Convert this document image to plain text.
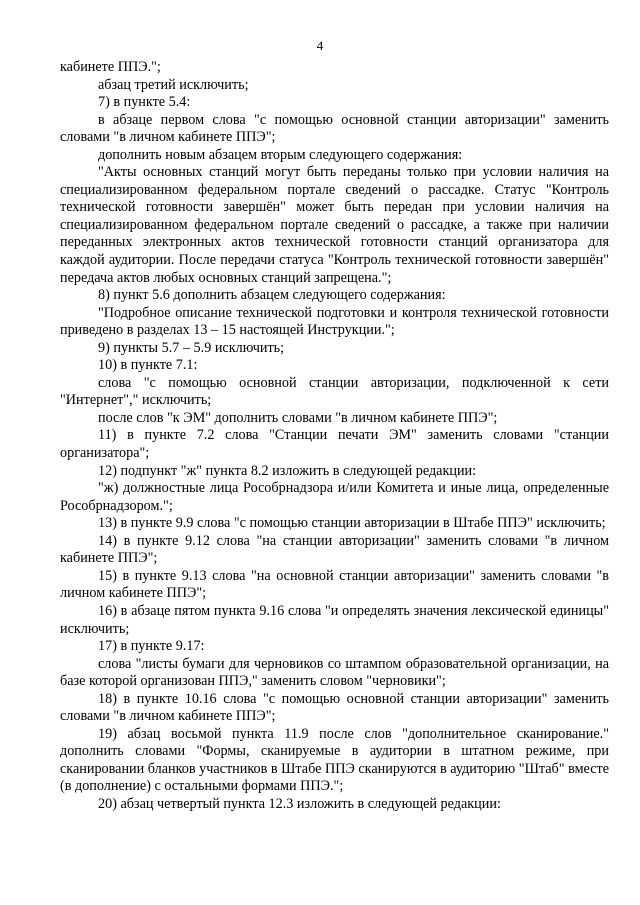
4

кабинете ППЭ.";

абзац третий исключить;

7) в пункте 5.4:

в абзаце первом слова "с помощью основной станции авторизации" заменить словами "в личном кабинете ППЭ";

дополнить новым абзацем вторым следующего содержания:

"Акты основных станций могут быть переданы только при условии наличия на специализированном федеральном портале сведений о рассадке. Статус "Контроль технической готовности завершён" может быть передан при условии наличия на специализированном федеральном портале сведений о рассадке, а также при наличии переданных электронных актов технической готовности станций организатора для каждой аудитории. После передачи статуса "Контроль технической готовности завершён" передача актов любых основных станций запрещена.";

8) пункт 5.6 дополнить абзацем следующего содержания:

"Подробное описание технической подготовки и контроля технической готовности приведено в разделах 13 – 15 настоящей Инструкции.";

9) пункты 5.7 – 5.9 исключить;

10) в пункте 7.1:

слова "с помощью основной станции авторизации, подключенной к сети "Интернет"," исключить;

после слов "к ЭМ" дополнить словами "в личном кабинете ППЭ";

11) в пункте 7.2 слова "Станции печати ЭМ" заменить словами "станции организатора";

12) подпункт "ж" пункта 8.2 изложить в следующей редакции:

"ж) должностные лица Рособрнадзора и/или Комитета и иные лица, определенные Рособрнадзором.";

13) в пункте 9.9 слова "с помощью станции авторизации в Штабе ППЭ" исключить;

14) в пункте 9.12 слова "на станции авторизации" заменить словами "в личном кабинете ППЭ";

15) в пункте 9.13 слова "на основной станции авторизации" заменить словами "в личном кабинете ППЭ";

16) в абзаце пятом пункта 9.16 слова "и определять значения лексической единицы" исключить;

17) в пункте 9.17:

слова "листы бумаги для черновиков со штампом образовательной организации, на базе которой организован ППЭ," заменить словом "черновики";

18) в пункте 10.16 слова "с помощью основной станции авторизации" заменить словами "в личном кабинете ППЭ";

19) абзац восьмой пункта 11.9 после слов "дополнительное сканирование." дополнить словами "Формы, сканируемые в аудитории в штатном режиме, при сканировании бланков участников в Штабе ППЭ сканируются в аудиторию "Штаб" вместе (в дополнение) с остальными формами ППЭ.";

20) абзац четвертый пункта 12.3 изложить в следующей редакции:
